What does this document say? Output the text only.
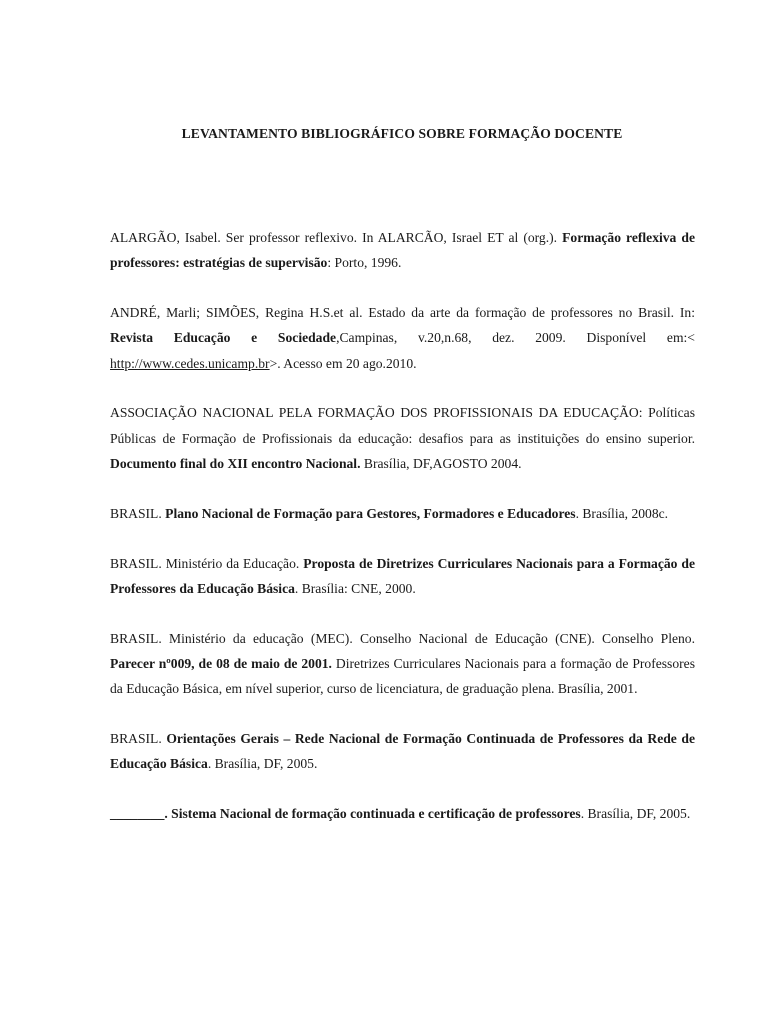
LEVANTAMENTO BIBLIOGRÁFICO SOBRE FORMAÇÃO DOCENTE

ALARGÃO, Isabel. Ser professor reflexivo. In ALARCÃO, Israel ET al (org.). Formação reflexiva de professores: estratégias de supervisão: Porto, 1996.

ANDRÉ, Marli; SIMÕES, Regina H.S.et al. Estado da arte da formação de professores no Brasil. In: Revista Educação e Sociedade,Campinas, v.20,n.68, dez. 2009. Disponível em:< http://www.cedes.unicamp.br>. Acesso em 20 ago.2010.

ASSOCIAÇÃO NACIONAL PELA FORMAÇÃO DOS PROFISSIONAIS DA EDUCAÇÃO: Políticas Públicas de Formação de Profissionais da educação: desafios para as instituições do ensino superior. Documento final do XII encontro Nacional. Brasília, DF,AGOSTO 2004.

BRASIL. Plano Nacional de Formação para Gestores, Formadores e Educadores. Brasília, 2008c.

BRASIL. Ministério da Educação. Proposta de Diretrizes Curriculares Nacionais para a Formação de Professores da Educação Básica. Brasília: CNE, 2000.

BRASIL. Ministério da educação (MEC). Conselho Nacional de Educação (CNE). Conselho Pleno. Parecer nº009, de 08 de maio de 2001. Diretrizes Curriculares Nacionais para a formação de Professores da Educação Básica, em nível superior, curso de licenciatura, de graduação plena. Brasília, 2001.

BRASIL. Orientações Gerais – Rede Nacional de Formação Continuada de Professores da Rede de Educação Básica. Brasília, DF, 2005.

________. Sistema Nacional de formação continuada e certificação de professores. Brasília, DF, 2005.
